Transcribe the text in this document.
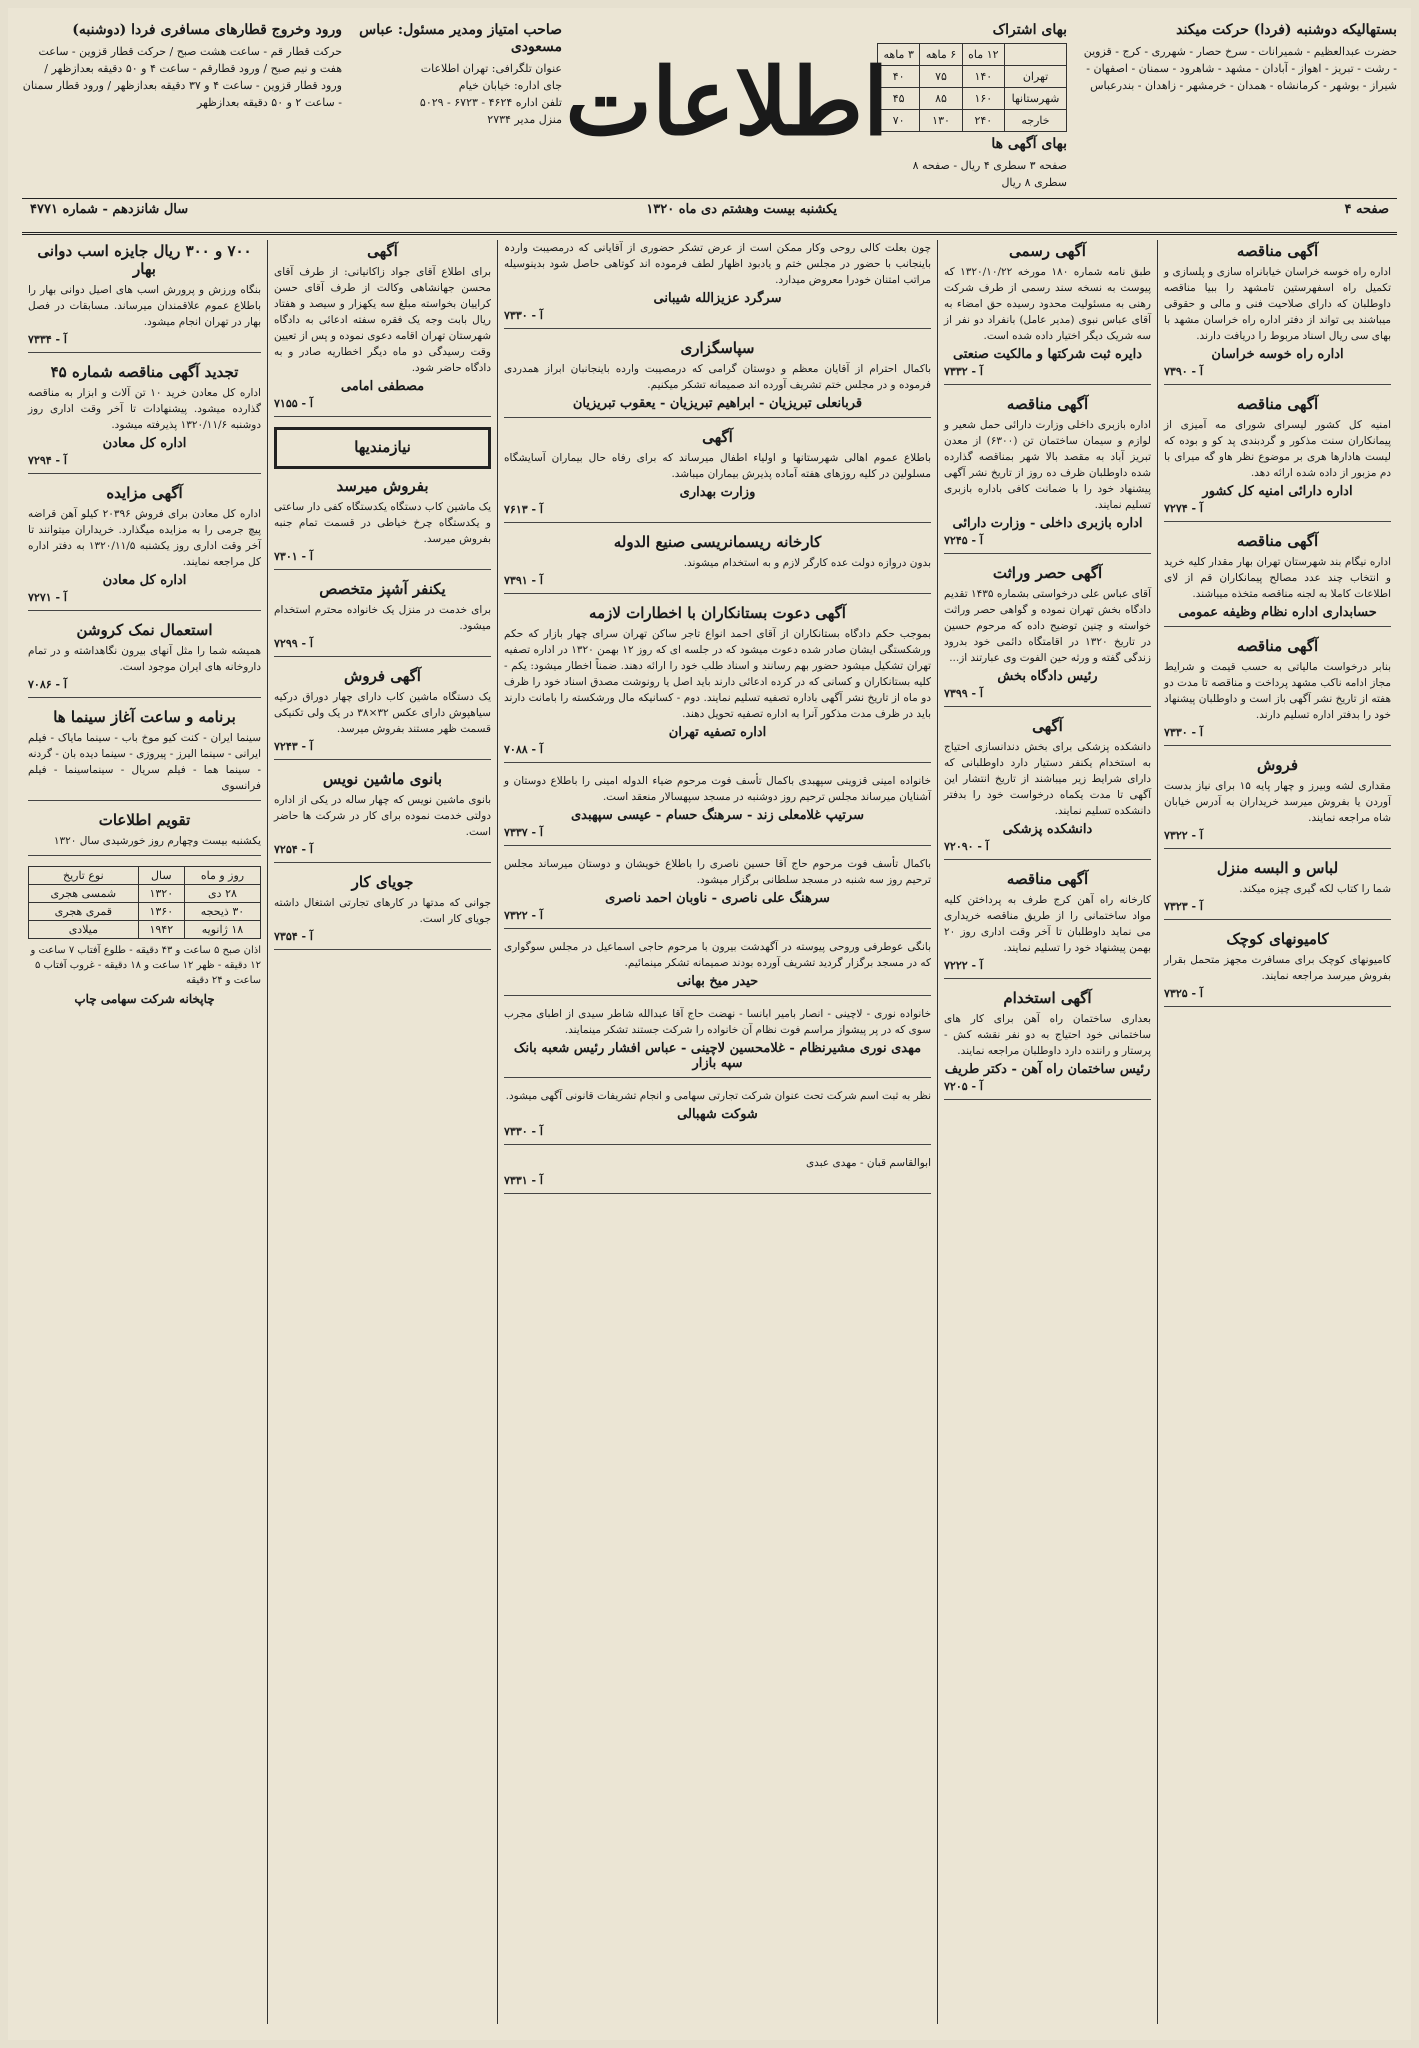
بستهالیکه دوشنبه (فردا) حرکت میکند
حضرت عبدالعظیم - شمیرانات - سرخ حصار - شهرری - کرج - قزوین - رشت - تبریز - اهواز - آبادان - مشهد - شاهرود - سمنان - اصفهان - شیراز - بوشهر - کرمانشاه - همدان - خرمشهر - زاهدان - بندرعباس
بهای اشتراک
	۱۲ ماه	۶ ماهه	۳ ماهه
تهران	۱۴۰	۷۵	۴۰
شهرستانها	۱۶۰	۸۵	۴۵
خارجه	۲۴۰	۱۳۰	۷۰
بهای آگهی ها
صفحه ۳ سطری ۴ ریال - صفحه ۸ سطری ۸ ریال
اطلاعات
صاحب امتیاز ومدیر مسئول: عباس مسعودی
عنوان تلگرافی: تهران اطلاعات
جای اداره: خیابان خیام
تلفن اداره ۴۶۲۴ - ۶۷۲۳ - ۵۰۲۹
منزل مدیر ۲۷۳۴
ورود وخروج قطارهای مسافری فردا (دوشنبه)
حرکت قطار قم - ساعت هشت صبح / حرکت قطار قزوین - ساعت هفت و نیم صبح / ورود قطارقم - ساعت ۴ و ۵۰ دقیقه بعدازظهر / ورود قطار قزوین - ساعت ۴ و ۳۷ دقیقه بعدازظهر / ورود قطار سمنان - ساعت ۲ و ۵۰ دقیقه بعدازظهر
صفحه ۴
یکشنبه بیست وهشتم دی ماه ۱۳۲۰
سال شانزدهم - شماره ۴۷۷۱
آگهی مناقصه

اداره راه خوسه خراسان خیابانراه سازی و پلسازی و تکمیل راه اسفهرستین تامشهد را ببیا مناقصه داوطلبان که دارای صلاحیت فنی و مالی و حقوقی میباشند بی تواند از دفتر اداره راه خراسان مشهد با بهای سی ریال اسناد مربوط را دریافت دارند.

اداره راه خوسه خراسان
۷۳۹۰ - آ
آگهی مناقصه

امنیه کل کشور لیسرای شورای مه آمیزی از پیمانکاران سنت مذکور و گردبندی پد کو و بوده که لیست هادارها هری بر موضوع نظر هاو گه میرای با دم مزبور از داده شده ارائه دهد.

اداره دارائی امنیه کل کشور
۷۲۷۴ - آ
آگهی مناقصه

اداره نیگام بند شهرستان تهران بهار مقدار کلیه خرید و انتخاب چند عدد مصالح پیمانکاران قم از لای اطلاعات کاملا به لجنه مناقصه متخذه میباشند.

حسابداری اداره نظام وظیفه عمومی
آگهی مناقصه

بنابر درخواست مالیاتی به حسب قیمت و شرایط مجاز ادامه ناکب مشهد پرداخت و مناقصه تا مدت دو هفته از تاریخ نشر آگهی باز است و داوطلبان پیشنهاد خود را بدفتر اداره تسلیم دارند.

۷۳۳۰ - آ
فروش

مقداری لشه وبیرز و چهار پایه ۱۵ برای نیاز بدست آوردن یا بفروش میرسد خریداران به آدرس خیابان شاه مراجعه نمایند.

۷۳۲۲ - آ
لباس و البسه منزل

شما را کتاب لکه گیری چیزه میکند.

۷۳۲۳ - آ
کامیونهای کوچک

کامیونهای کوچک برای مسافرت مجهز متحمل بقرار بفروش میرسد مراجعه نمایند.

۷۳۲۵ - آ
آگهی رسمی

طبق نامه شماره ۱۸۰ مورخه ۱۳۲۰/۱۰/۲۲ که پیوست به نسخه سند رسمی از طرف شرکت رهنی به مسئولیت محدود رسیده حق امضاء به آقای عباس نبوی (مدیر عامل) بانفراد دو نفر از سه شریک دیگر اختیار داده شده است.

دایره ثبت شرکتها و مالکیت صنعتی
۷۳۳۲ - آ
آگهی مناقصه

اداره بازبری داخلی وزارت دارائی حمل شعیر و لوازم و سیمان ساختمان تن (۶۳۰۰) از معدن تبریز آباد به مقصد بالا شهر بمناقصه گذارده شده داوطلبان ظرف ده روز از تاریخ نشر آگهی پیشنهاد خود را با ضمانت کافی باداره بازبری تسلیم نمایند.

اداره بازبری داخلی - وزارت دارائی
۷۲۴۵ - آ
آگهی حصر وراثت

آقای عباس علی درخواستی بشماره ۱۴۳۵ تقدیم دادگاه بخش تهران نموده و گواهی حصر وراثت خواسته و چنین توضیح داده که مرحوم حسین در تاریخ ۱۳۲۰ در اقامتگاه دائمی خود بدرود زندگی گفته و ورثه حین الفوت وی عبارتند از...

رئیس دادگاه بخش
۷۳۹۹ - آ
آگهی

دانشکده پزشکی برای بخش دندانسازی احتیاج به استخدام یکنفر دستیار دارد داوطلبانی که دارای شرایط زیر میباشند از تاریخ انتشار این آگهی تا مدت یکماه درخواست خود را بدفتر دانشکده تسلیم نمایند.

دانشکده پزشکی
۷۲۰۹۰ - آ
آگهی مناقصه

کارخانه راه آهن کرج طرف به پرداختن کلیه مواد ساختمانی را از طریق مناقصه خریداری می نماید داوطلبان تا آخر وقت اداری روز ۲۰ بهمن پیشنهاد خود را تسلیم نمایند.

۷۲۲۲ - آ
آگهی استخدام

بعداری ساختمان راه آهن برای کار های ساختمانی خود احتیاج به دو نفر نقشه کش - پرستار و راننده دارد داوطلبان مراجعه نمایند.

رئیس ساختمان راه آهن - دکتر طریف
۷۲۰۵ - آ

چون بعلت کالی روحی وکار ممکن است از عرض تشکر حضوری از آقایانی که درمصیبت واردہ باینجانب با حضور در مجلس ختم و یادبود اظهار لطف فرموده اند کوتاهی حاصل شود بدینوسیله مراتب امتنان خودرا معروض میدارد.

سرگرد عزیزالله شیبانی
۷۳۳۰ - آ
سپاسگزاری

باکمال احترام از آقایان معظم و دوستان گرامی که درمصیبت وارده باینجانبان ابراز همدردی فرموده و در مجلس ختم تشریف آورده اند صمیمانه تشکر میکنیم.

قربانعلی تبریزیان - ابراهیم تبریزیان - یعقوب تبریزیان
آگهی

باطلاع عموم اهالی شهرستانها و اولیاء اطفال میرساند که برای رفاه حال بیماران آسایشگاه مسلولین در کلیه روزهای هفته آماده پذیرش بیماران میباشد.

وزارت بهداری
۷۶۱۳ - آ
کارخانه ریسمانریسی صنیع الدوله

بدون دروازه دولت عده کارگر لازم و به استخدام میشوند.

۷۳۹۱ - آ
آگهی دعوت بستانکاران با اخطارات لازمه

بموجب حکم دادگاه بستانکاران از آقای احمد انواع تاجر ساکن تهران سرای چهار بازار که حکم ورشکستگی ایشان صادر شده دعوت میشود که در جلسه ای که روز ۱۲ بهمن ۱۳۲۰ در اداره تصفیه تهران تشکیل میشود حضور بهم رسانند و اسناد طلب خود را ارائه دهند. ضمناً اخطار میشود: یکم - کلیه بستانکاران و کسانی که در کرده ادعائی دارند باید اصل یا رونوشت مصدق اسناد خود را ظرف دو ماه از تاریخ نشر آگهی باداره تصفیه تسلیم نمایند. دوم - کسانیکه مال ورشکسته را بامانت دارند باید در ظرف مدت مذکور آنرا به اداره تصفیه تحویل دهند.

اداره تصفیه تهران
۷۰۸۸ - آ

خانواده امینی قزوینی سپهبدی باکمال تأسف فوت مرحوم ضیاء الدوله امینی را باطلاع دوستان و آشنایان میرساند مجلس ترحیم روز دوشنبه در مسجد سپهسالار منعقد است.

سرتیپ غلامعلی زند - سرهنگ حسام - عیسی سپهبدی
۷۳۳۷ - آ

باکمال تأسف فوت مرحوم حاج آقا حسین ناصری را باطلاع خویشان و دوستان میرساند مجلس ترحیم روز سه شنبه در مسجد سلطانی برگزار میشود.

سرهنگ علی ناصری - ناوبان احمد ناصری
۷۳۲۲ - آ

بانگی عوطرفی وروحی پیوسته در آگهدشت بیرون با مرحوم حاجی اسماعیل در مجلس سوگواری که در مسجد برگزار گردید تشریف آورده بودند صمیمانه تشکر مینمائیم.

حیدر میخ بهانی

خانواده نوری - لاچینی - انصار بامیر ابانسا - نهضت حاج آقا عبدالله شاطر سیدی از اطبای مجرب سوی که در پر پیشواز مراسم فوت نظام آن خانواده را شرکت جستند تشکر مینمایند.

مهدی نوری مشیرنظام - غلامحسین لاچینی - عباس افشار رئیس شعبه بانک سپه بازار

نظر به ثبت اسم شرکت تحت عنوان شرکت تجارتی سهامی و انجام تشریفات قانونی آگهی میشود.

شوکت شهبالی
۷۳۳۰ - آ

ابوالقاسم قبان - مهدی عبدی

۷۳۳۱ - آ
آگهی

برای اطلاع آقای جواد زاکانیانی: از طرف آقای محسن جهانشاهی وکالت از طرف آقای حسن کراییان بخواسته مبلغ سه یکهزار و سیصد و هفتاد ریال بابت وجه یک فقره سفته ادعائی به دادگاه شهرستان تهران اقامه دعوی نموده و پس از تعیین وقت رسیدگی دو ماه دیگر اخطاریه صادر و به دادگاه حاضر شود.

مصطفی امامی
۷۱۵۵ - آ
نیازمندیها
بفروش میرسد

یک ماشین کاب دستگاه یکدستگاه کفی دار ساعتی و یکدستگاه چرخ خیاطی در قسمت تمام جنبه بفروش میرسد.

۷۳۰۱ - آ
یکنفر آشپز متخصص

برای خدمت در منزل یک خانواده محترم استخدام میشود.

۷۲۹۹ - آ
آگهی فروش

یک دستگاه ماشین کاب دارای چهار دوراق درکیه سیاهپوش دارای عکس ۳۲×۳۸ در یک ولی تکنیکی قسمت ظهر مستند بفروش میرسد.

۷۲۴۳ - آ
بانوی ماشین نویس

بانوی ماشین نویس که چهار ساله در یکی از اداره دولتی خدمت نموده برای کار در شرکت ها حاضر است.

۷۲۵۴ - آ
جویای کار

جوانی که مدتها در کارهای تجارتی اشتغال داشته جویای کار است.

۷۳۵۴ - آ
۷۰۰ و ۳۰۰ ریال جایزه اسب دوانی بهار

بنگاه ورزش و پرورش اسب های اصیل دوانی بهار را باطلاع عموم علاقمندان میرساند. مسابقات در فصل بهار در تهران انجام میشود.

۷۳۳۴ - آ
تجدید آگهی مناقصه شماره ۴۵

اداره کل معادن خرید ۱۰ تن آلات و ابزار به مناقصه گذارده میشود. پیشنهادات تا آخر وقت اداری روز دوشنبه ۱۳۲۰/۱۱/۶ پذیرفته میشود.

اداره کل معادن
۷۲۹۴ - آ
آگهی مزایده

اداره کل معادن برای فروش ۲۰۳۹۶ کیلو آهن قراضه پیچ جرمی را به مزایده میگذارد. خریداران میتوانند تا آخر وقت اداری روز یکشنبه ۱۳۲۰/۱۱/۵ به دفتر اداره کل مراجعه نمایند.

اداره کل معادن
۷۲۷۱ - آ
استعمال نمک کروشن

همیشه شما را مثل آنهای بیرون نگاهداشته و در تمام داروخانه های ایران موجود است.

۷۰۸۶ - آ
برنامه و ساعت آغاز سینما ها

سینما ایران - کنت کیو موخ باب - سینما مایاک - فیلم ایرانی - سینما الیرز - پیروزی - سینما دیده بان - گردنه - سینما هما - فیلم سریال - سینماسینما - فیلم فرانسوی

تقویم اطلاعات

یکشنبه بیست وچهارم روز خورشیدی سال ۱۳۲۰

روز و ماه	سال	نوع تاریخ
۲۸ دی	۱۳۲۰	شمسی هجری
۳۰ ذیحجه	۱۳۶۰	قمری هجری
۱۸ ژانویه	۱۹۴۲	میلادی

اذان صبح ۵ ساعت و ۴۳ دقیقه - طلوع آفتاب ۷ ساعت و ۱۲ دقیقه - ظهر ۱۲ ساعت و ۱۸ دقیقه - غروب آفتاب ۵ ساعت و ۲۴ دقیقه

چاپخانه شرکت سهامی چاپ
